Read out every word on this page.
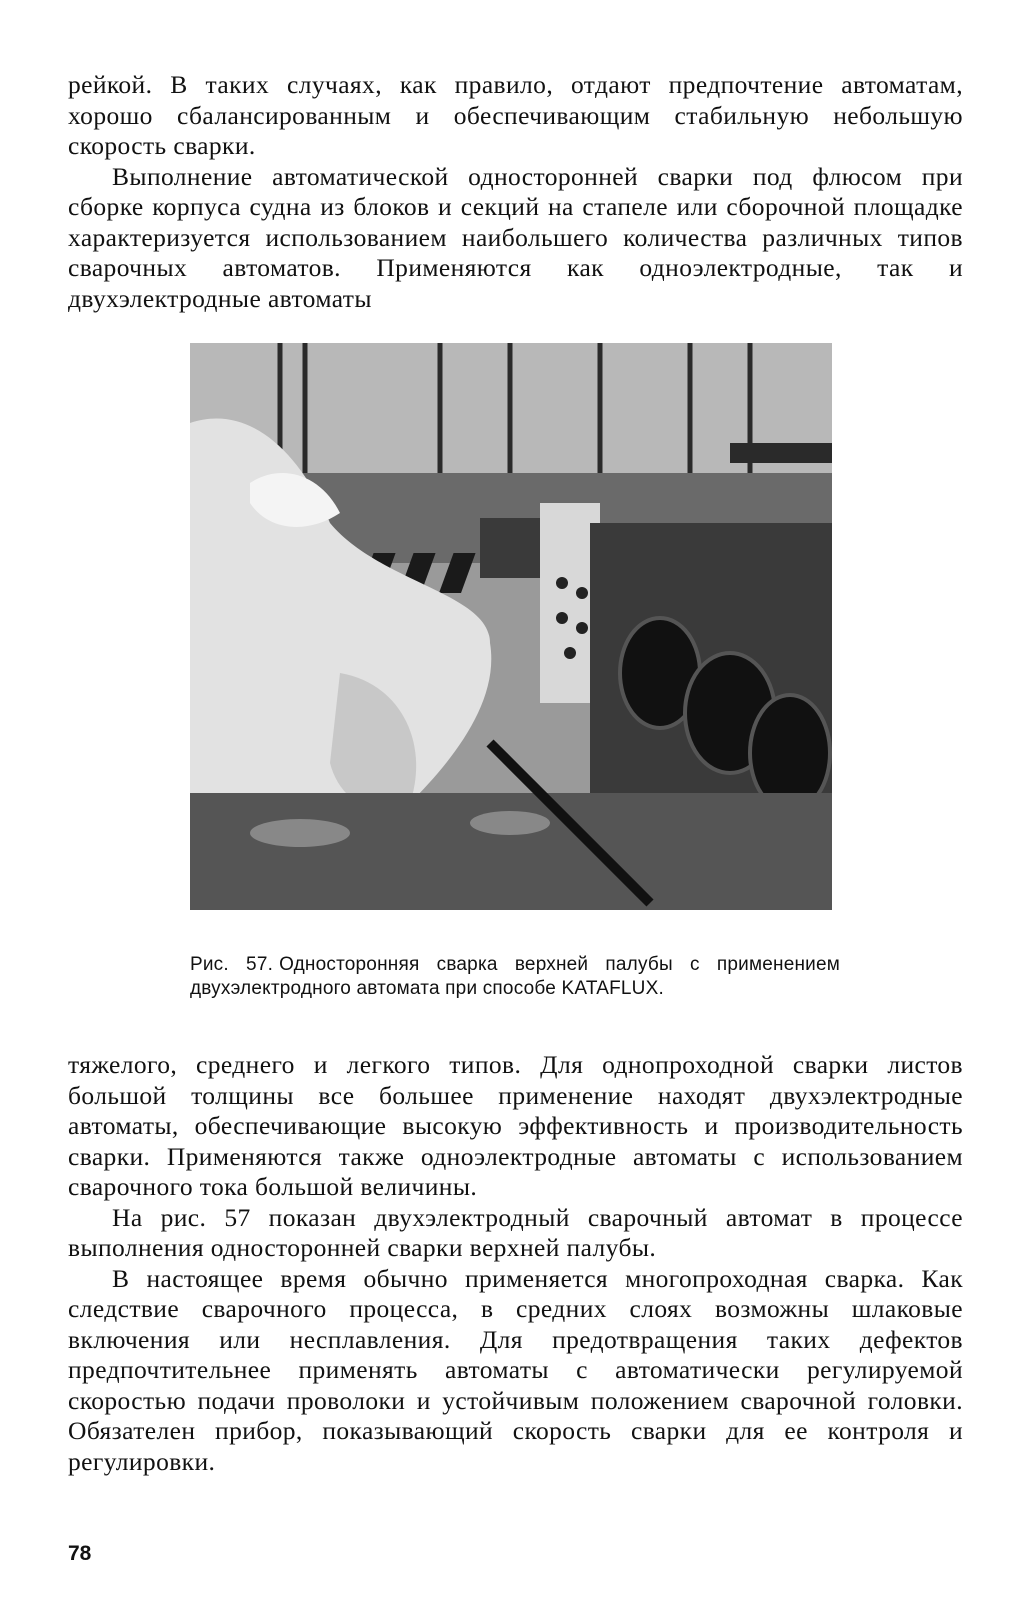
рейкой. В таких случаях, как правило, отдают предпочтение автоматам, хорошо сбалансированным и обеспечивающим стабильную небольшую скорость сварки.

Выполнение автоматической односторонней сварки под флюсом при сборке корпуса судна из блоков и секций на стапеле или сборочной площадке характеризуется использованием наибольшего количества различных типов сварочных автоматов. Применяются как одноэлектродные, так и двухэлектродные автоматы

Рис. 57. Односторонняя сварка верхней палубы с применением двухэлектродного автомата при способе KATAFLUX.

тяжелого, среднего и легкого типов. Для однопроходной сварки листов большой толщины все большее применение находят двухэлектродные автоматы, обеспечивающие высокую эффективность и производительность сварки. Применяются также одноэлектродные автоматы с использованием сварочного тока большой величины.

На рис. 57 показан двухэлектродный сварочный автомат в процессе выполнения односторонней сварки верхней палубы.

В настоящее время обычно применяется многопроходная сварка. Как следствие сварочного процесса, в средних слоях возможны шлаковые включения или несплавления. Для предотвращения таких дефектов предпочтительнее применять автоматы с автоматически регулируемой скоростью подачи проволоки и устойчивым положением сварочной головки. Обязателен прибор, показывающий скорость сварки для ее контроля и регулировки.

78
